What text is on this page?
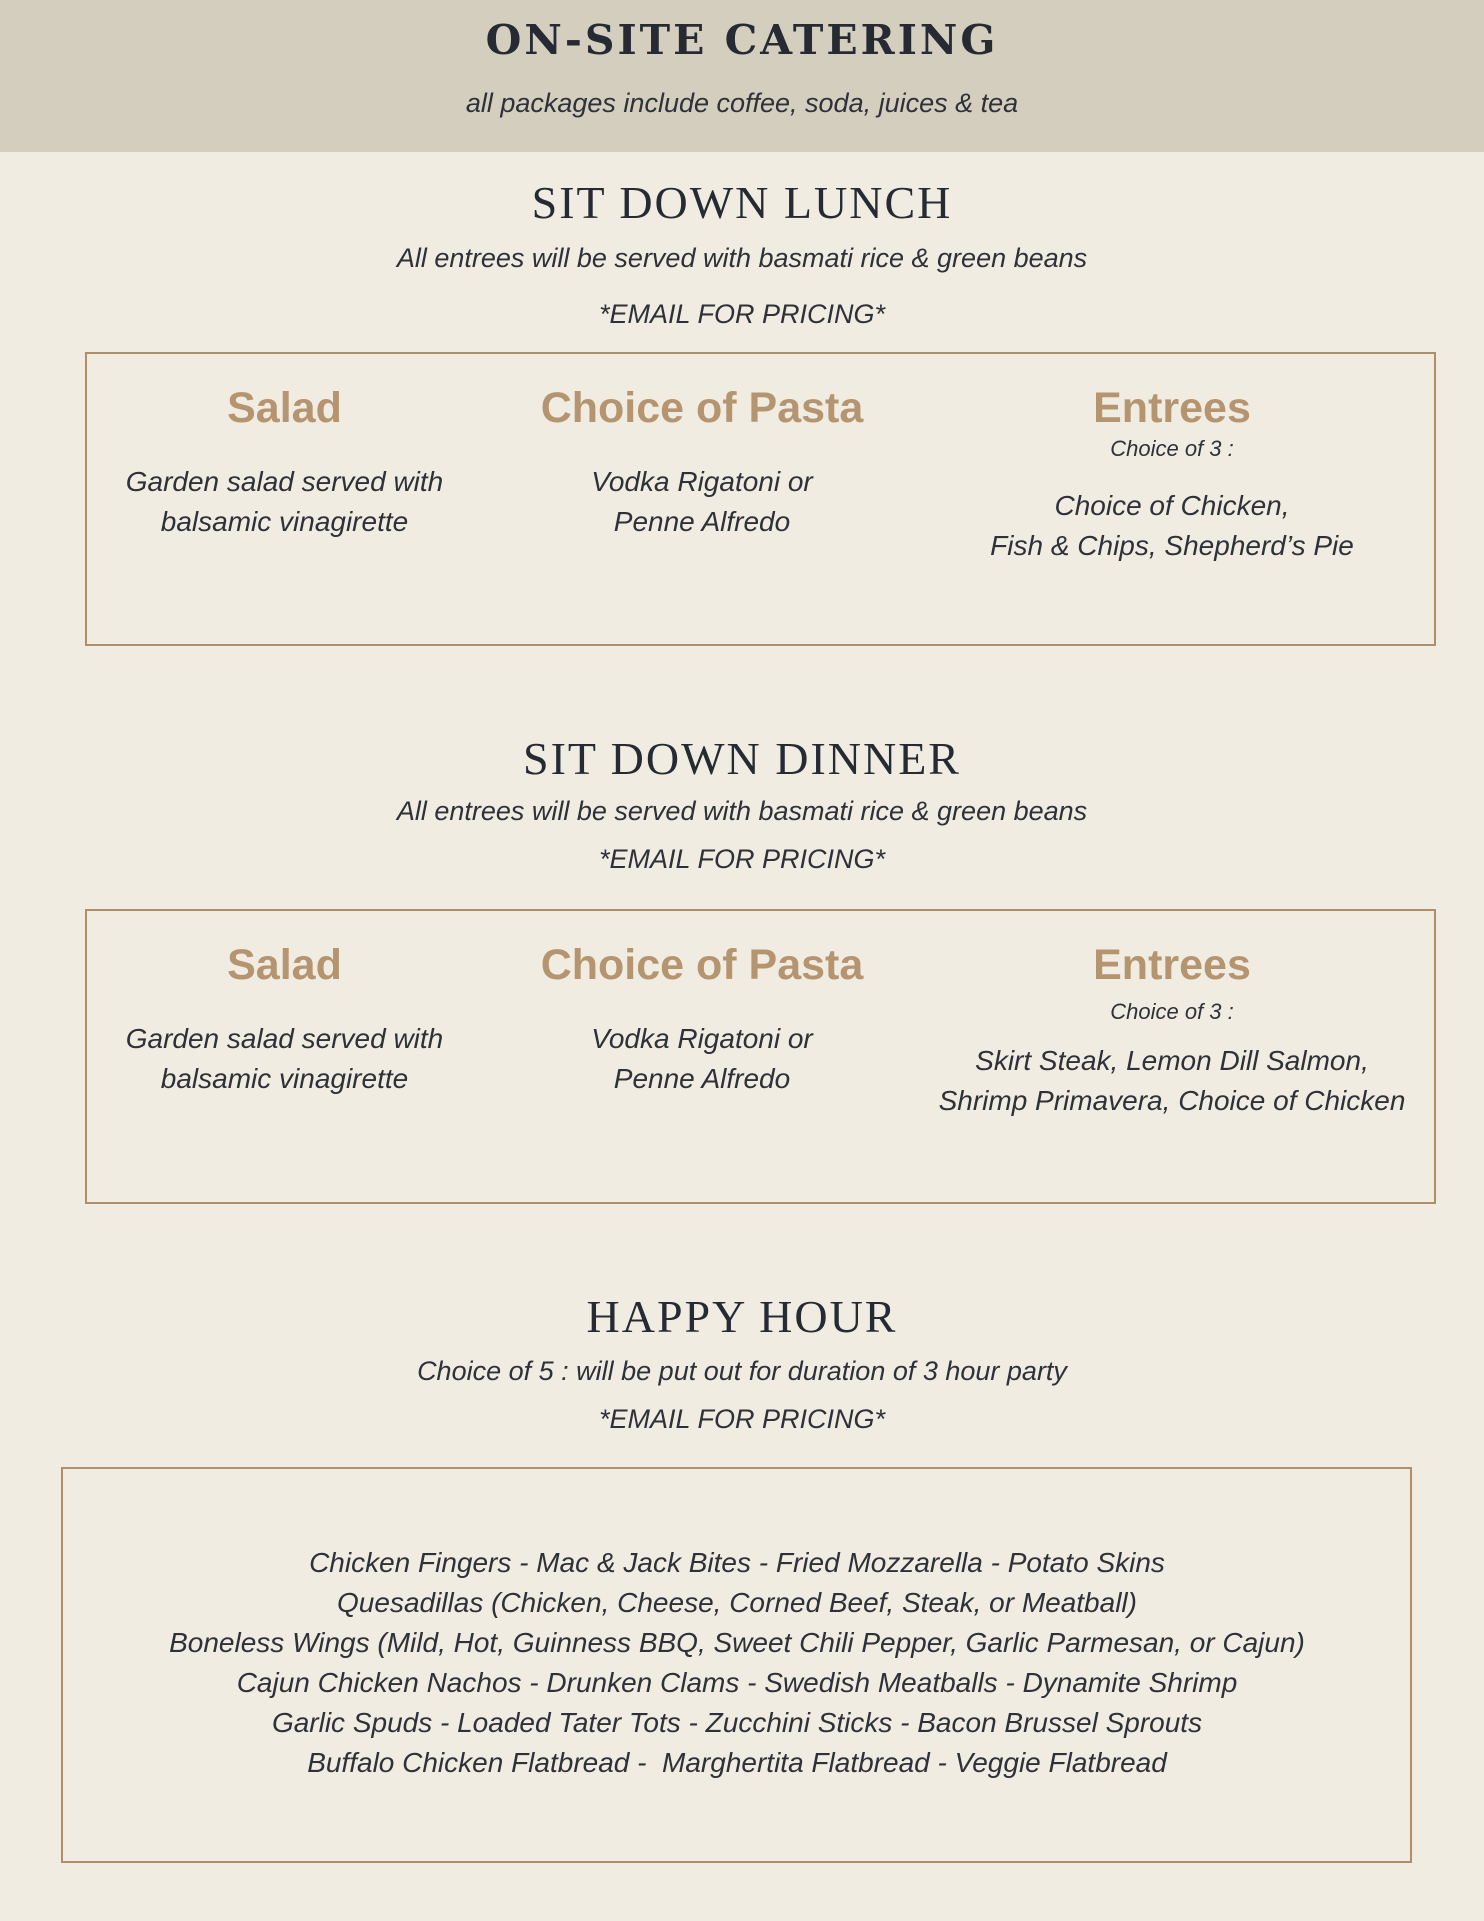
ON-SITE CATERING
all packages include coffee, soda, juices & tea
SIT DOWN LUNCH
All entrees will be served with basmati rice & green beans
*EMAIL FOR PRICING*
Salad
Garden salad served with
balsamic vinagirette
Choice of Pasta
Vodka Rigatoni or
Penne Alfredo
Entrees
Choice of 3 :
Choice of Chicken,
Fish & Chips, Shepherd’s Pie
SIT DOWN DINNER
All entrees will be served with basmati rice & green beans
*EMAIL FOR PRICING*
Salad
Garden salad served with
balsamic vinagirette
Choice of Pasta
Vodka Rigatoni or
Penne Alfredo
Entrees
Choice of 3 :
Skirt Steak, Lemon Dill Salmon,
Shrimp Primavera, Choice of Chicken
HAPPY HOUR
Choice of 5 : will be put out for duration of 3 hour party
*EMAIL FOR PRICING*
Chicken Fingers - Mac & Jack Bites - Fried Mozzarella - Potato Skins
Quesadillas (Chicken, Cheese, Corned Beef, Steak, or Meatball)
Boneless Wings (Mild, Hot, Guinness BBQ, Sweet Chili Pepper, Garlic Parmesan, or Cajun)
Cajun Chicken Nachos - Drunken Clams - Swedish Meatballs - Dynamite Shrimp
Garlic Spuds - Loaded Tater Tots - Zucchini Sticks - Bacon Brussel Sprouts
Buffalo Chicken Flatbread -  Marghertita Flatbread - Veggie Flatbread
